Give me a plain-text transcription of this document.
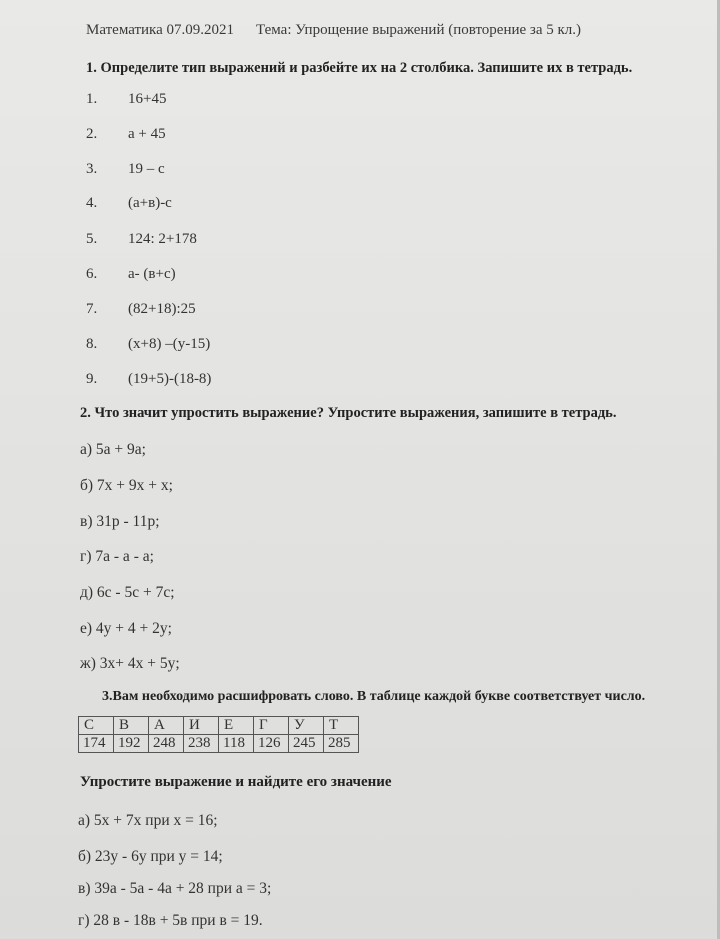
Математика 07.09.2021 Тема: Упрощение выражений (повторение за 5 кл.)
1. Определите тип выражений и разбейте их на 2 столбика. Запишите их в тетрадь.
1. 16+45
2. a + 45
3. 19 – c
4. (a+в)-c
5. 124: 2+178
6. a- (в+c)
7. (82+18):25
8. (x+8) –(y-15)
9. (19+5)-(18-8)
2. Что значит упростить выражение? Упростите выражения, запишите в тетрадь.
а) 5a + 9a;
б) 7x + 9x + x;
в) 31p - 11p;
г) 7a - a - a;
д) 6c - 5c + 7c;
е) 4y + 4 + 2y;
ж) 3x+ 4x + 5y;
3.Вам необходимо расшифровать слово. В таблице каждой букве соответствует число.
С	В	А	И	Е	Г	У	Т
174	192	248	238	118	126	245	285
Упростите выражение и найдите его значение
а) 5x + 7x при x = 16;
б) 23y - 6y при y = 14;
в) 39a - 5a - 4a + 28 при a = 3;
г) 28 в - 18в + 5в при в = 19.
